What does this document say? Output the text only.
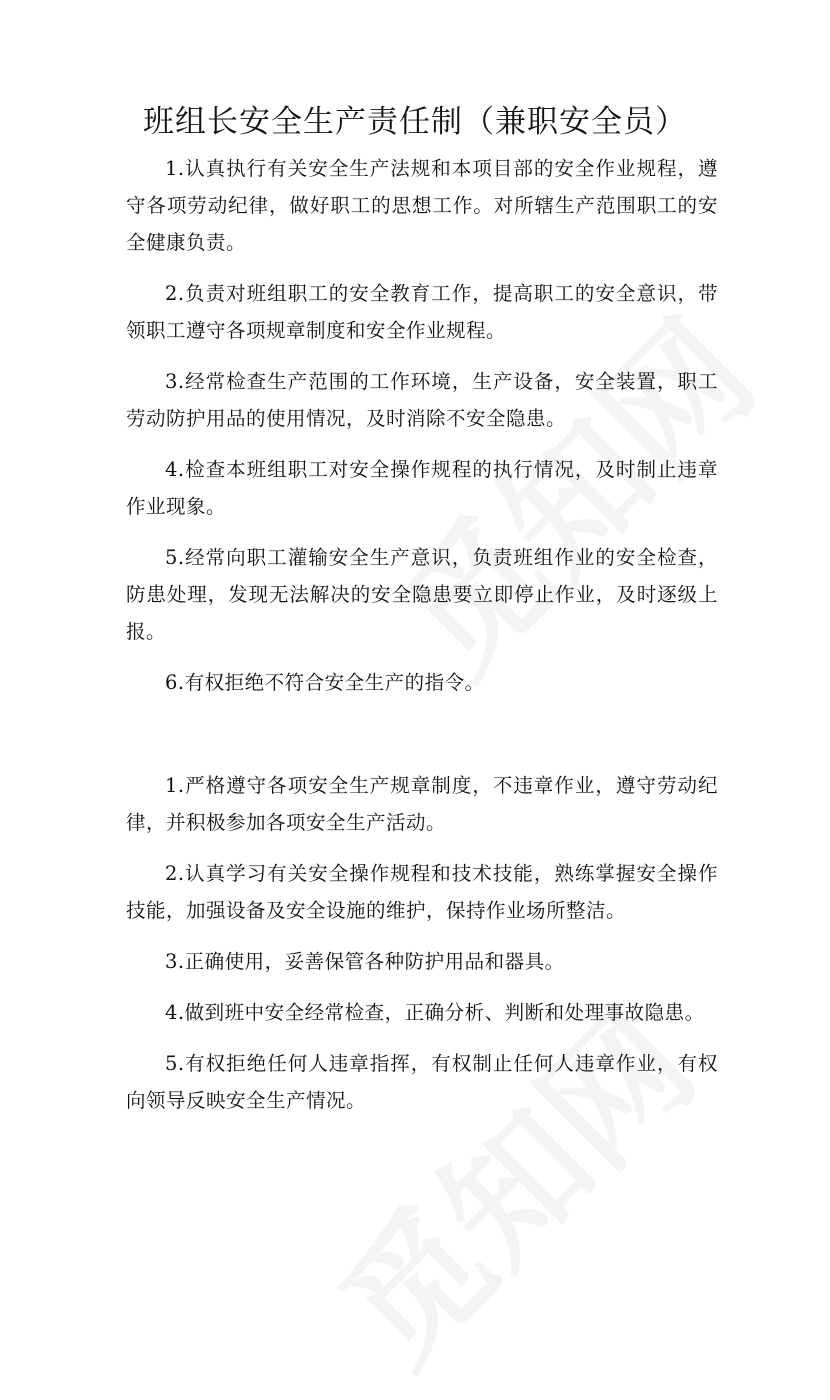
班组长安全生产责任制（兼职安全员）

1.认真执行有关安全生产法规和本项目部的安全作业规程，遵守各项劳动纪律，做好职工的思想工作。对所辖生产范围职工的安全健康负责。

2.负责对班组职工的安全教育工作，提高职工的安全意识，带领职工遵守各项规章制度和安全作业规程。

3.经常检查生产范围的工作环境，生产设备，安全装置，职工劳动防护用品的使用情况，及时消除不安全隐患。

4.检查本班组职工对安全操作规程的执行情况，及时制止违章作业现象。

5.经常向职工灌输安全生产意识，负责班组作业的安全检查，防患处理，发现无法解决的安全隐患要立即停止作业，及时逐级上报。

6.有权拒绝不符合安全生产的指令。

1.严格遵守各项安全生产规章制度，不违章作业，遵守劳动纪律，并积极参加各项安全生产活动。

2.认真学习有关安全操作规程和技术技能，熟练掌握安全操作技能，加强设备及安全设施的维护，保持作业场所整洁。

3.正确使用，妥善保管各种防护用品和器具。

4.做到班中安全经常检查，正确分析、判断和处理事故隐患。

5.有权拒绝任何人违章指挥，有权制止任何人违章作业，有权向领导反映安全生产情况。
